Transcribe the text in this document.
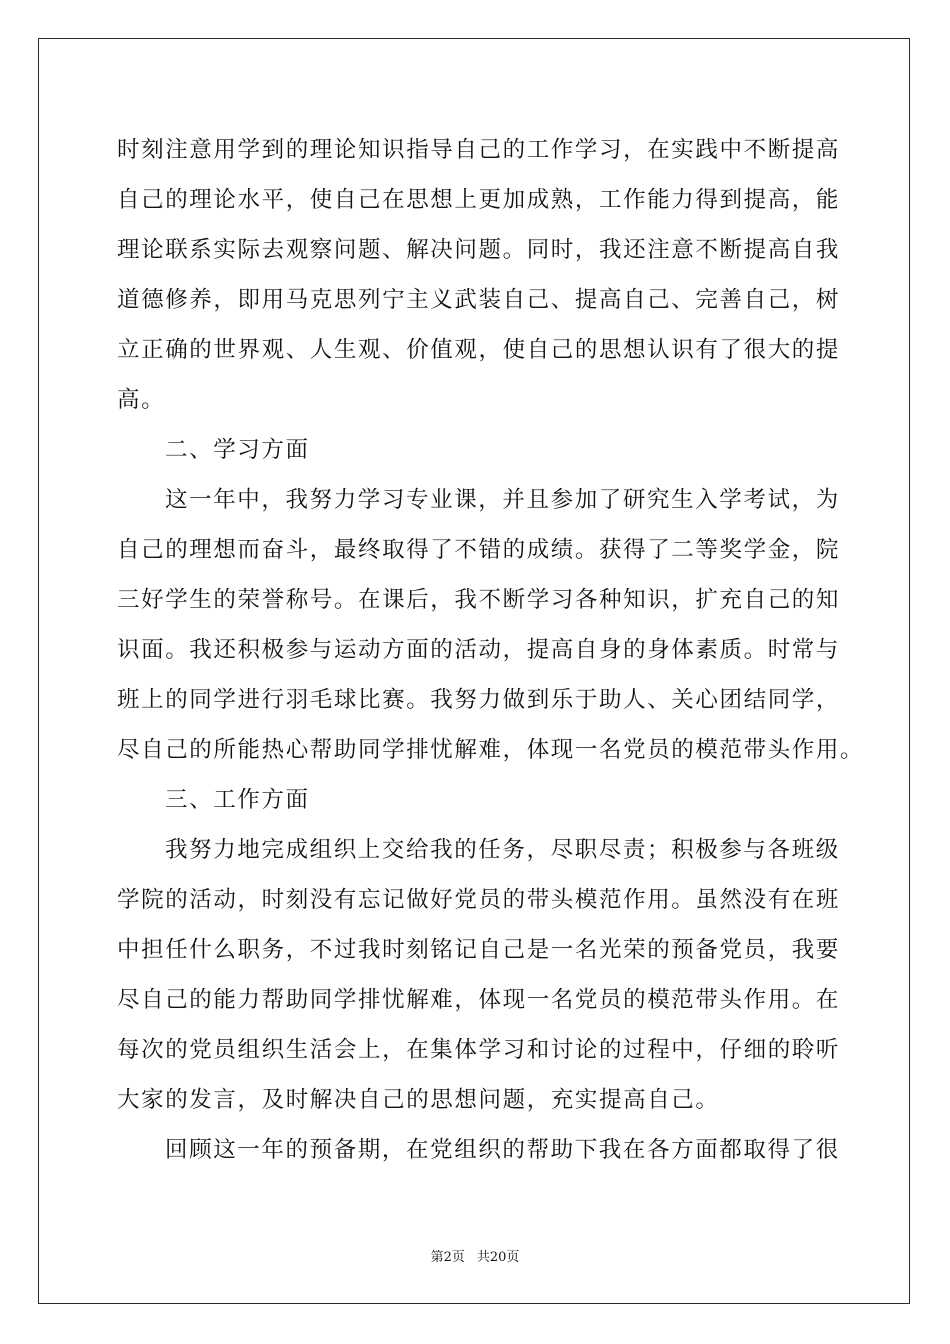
时刻注意用学到的理论知识指导自己的工作学习，在实践中不断提高
自己的理论水平，使自己在思想上更加成熟，工作能力得到提高，能
理论联系实际去观察问题、解决问题。同时，我还注意不断提高自我
道德修养，即用马克思列宁主义武装自己、提高自己、完善自己，树
立正确的世界观、人生观、价值观，使自己的思想认识有了很大的提
高。
二、学习方面
这一年中，我努力学习专业课，并且参加了研究生入学考试，为
自己的理想而奋斗，最终取得了不错的成绩。获得了二等奖学金，院
三好学生的荣誉称号。在课后，我不断学习各种知识，扩充自己的知
识面。我还积极参与运动方面的活动，提高自身的身体素质。时常与
班上的同学进行羽毛球比赛。我努力做到乐于助人、关心团结同学，
尽自己的所能热心帮助同学排忧解难，体现一名党员的模范带头作用。
三、工作方面
我努力地完成组织上交给我的任务，尽职尽责；积极参与各班级
学院的活动，时刻没有忘记做好党员的带头模范作用。虽然没有在班
中担任什么职务，不过我时刻铭记自己是一名光荣的预备党员，我要
尽自己的能力帮助同学排忧解难，体现一名党员的模范带头作用。在
每次的党员组织生活会上，在集体学习和讨论的过程中，仔细的聆听
大家的发言，及时解决自己的思想问题，充实提高自己。
回顾这一年的预备期，在党组织的帮助下我在各方面都取得了很
第2页 共20页
